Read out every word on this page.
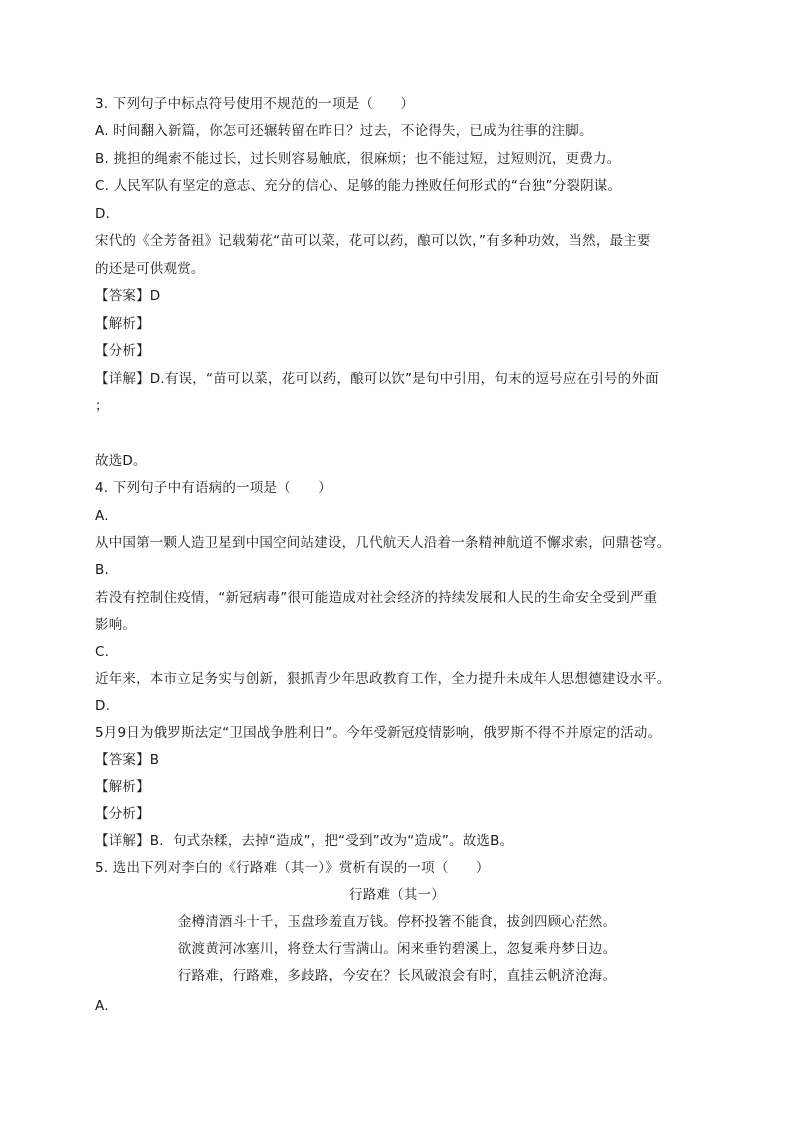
3. 下列句子中标点符号使用不规范的一项是（　　）
A. 时间翻入新篇，你怎可还辗转留在昨日？过去，不论得失，已成为往事的注脚。
B. 挑担的绳索不能过长，过长则容易触底，很麻烦；也不能过短，过短则沉，更费力。
C. 人民军队有坚定的意志、充分的信心、足够的能力挫败任何形式的“台独”分裂阴谋。
D.
宋代的《全芳备祖》记载菊花“苗可以菜，花可以药，酿可以饮，”有多种功效，当然，最主要
的还是可供观赏。
【答案】D
【解析】
【分析】
【详解】D.有误，“苗可以菜，花可以药，酿可以饮”是句中引用，句末的逗号应在引号的外面
；
故选D。
4. 下列句子中有语病的一项是（　　）
A.
从中国第一颗人造卫星到中国空间站建设，几代航天人沿着一条精神航道不懈求索，问鼎苍穹。
B.
若没有控制住疫情，“新冠病毒”很可能造成对社会经济的持续发展和人民的生命安全受到严重
影响。
C.
近年来，本市立足务实与创新，狠抓青少年思政教育工作，全力提升未成年人思想德建设水平。
D.
5月9日为俄罗斯法定“卫国战争胜利日”。今年受新冠疫情影响，俄罗斯不得不并原定的活动。
【答案】B
【解析】
【分析】
【详解】B．句式杂糅，去掉“造成”，把“受到”改为“造成”。故选B。
5. 选出下列对李白的《行路难（其一）》赏析有误的一项（　　）
行路难（其一）
金樽清酒斗十千，玉盘珍羞直万钱。停杯投箸不能食，拔剑四顾心茫然。
欲渡黄河冰塞川，将登太行雪满山。闲来垂钓碧溪上，忽复乘舟梦日边。
行路难，行路难，多歧路，今安在？长风破浪会有时，直挂云帆济沧海。
A.
